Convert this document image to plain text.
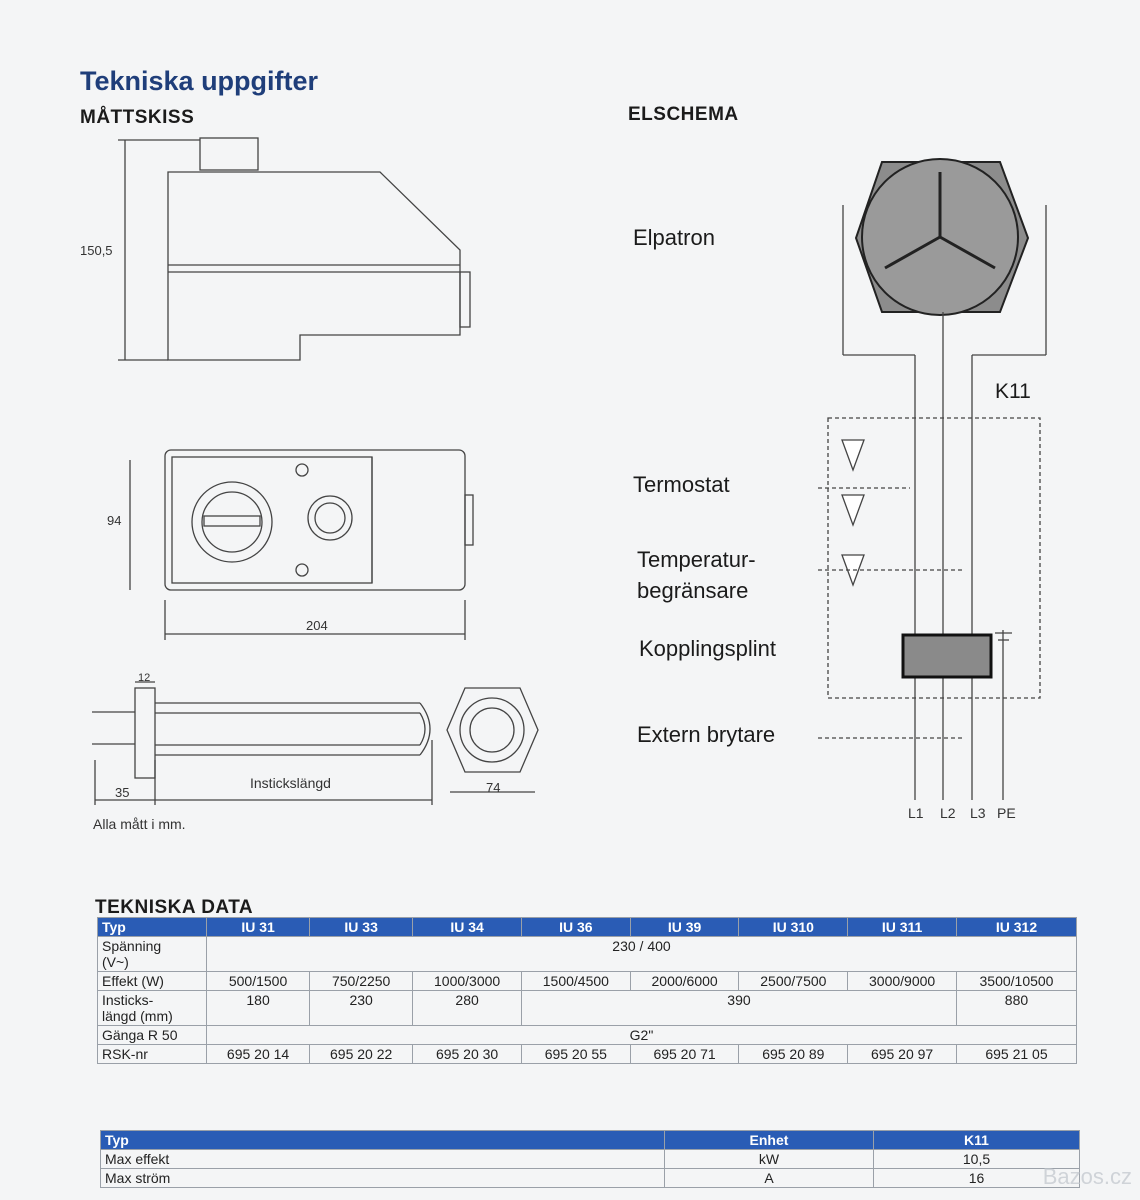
Tekniska uppgifter
MÅTTSKISS	ELSCHEMA
150,5
94
204
12
35
Instickslängd	74
Alla mått i mm.
Elpatron
K11
Termostat
Temperatur-
begränsare
Kopplingsplint
Extern brytare
L1 L2 L3 PE
TEKNISKA DATA
Typ	IU 31	IU 33	IU 34	IU 36	IU 39	IU 310	IU 311	IU 312
Spänning
(V~)	230 / 400							
Effekt (W)	500/1500	750/2250	1000/3000	1500/4500	2000/6000	2500/7500	3000/9000	3500/10500
Insticks-
längd (mm)	180	230	280	390				880
Gänga R 50	G2"							
RSK-nr	695 20 14	695 20 22	695 20 30	695 20 55	695 20 71	695 20 89	695 20 97	695 21 05
Typ	Enhet	K11
Max effekt	kW	10,5
Max ström	A	16	Bazos.cz
